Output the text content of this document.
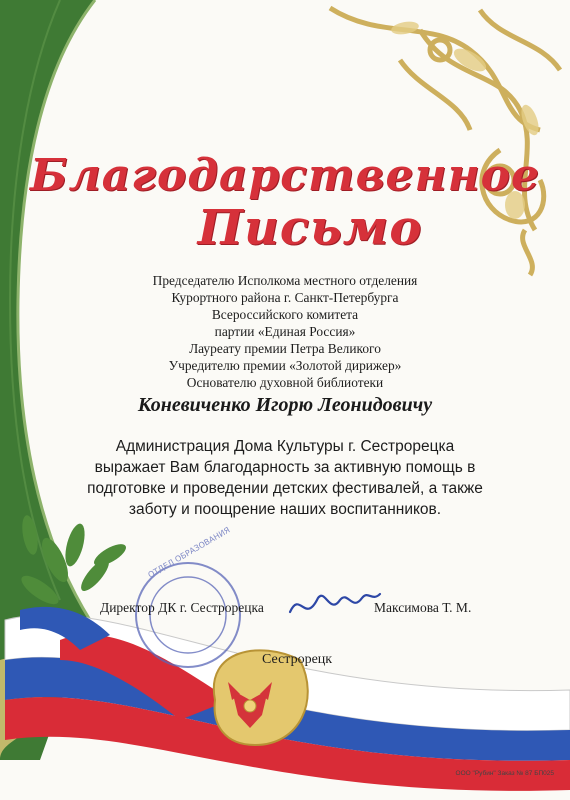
ОТДЕЛ ОБРАЗОВАНИЯ
Благодарственное
Письмо
Председателю Исполкома местного отделения
Курортного района г. Санкт-Петербурга
Всероссийского комитета
партии «Единая Россия»
Лауреату премии Петра Великого
Учредителю премии «Золотой дирижер»
Основателю духовной библиотеки
Коневиченко Игорю Леонидовичу
Администрация Дома Культуры г. Сестрорецка
выражает Вам благодарность за активную помощь в
подготовке и проведении детских фестивалей, а также
заботу и поощрение наших воспитанников.
Директор ДК г. Сестрорецка	Максимова Т. М.
Сестрорецк
ООО "Рубин" Заказ № 87 БП025
